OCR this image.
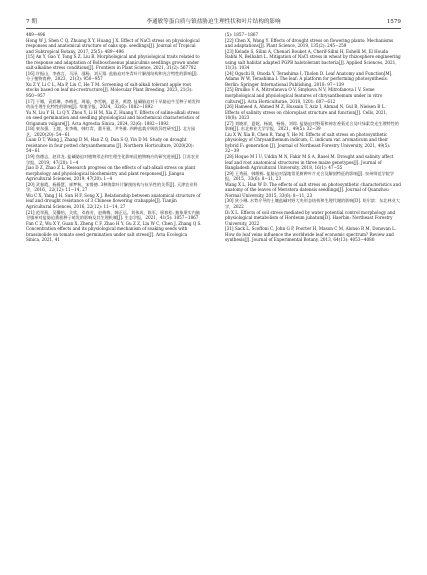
7 期	李通敏等蛋白质与镇盐胁迫生理性状和叶片结构的影响	1579

489−496

Hong W J, Shen C Q, Zhuang X Y, Huang J X. Effect of NaCl stress on physiological responses and anatomical structure of oaks spp. seedlings[J]. Journal of Tropical and Subtropical Botany, 2017, 25(5): 489−496

[15] An Y, Gao Y, Tong S Z, Liu B. Morphological and physiological traits related to the response and adaptation of Bolboschoenus planiculmis seedlings grown under salt-alkaline stress conditions[J]. Frontiers in Plant Science, 2021, 31(2): 567782

[16] 许振山，李春言，马泽，邵杨，刘天翔. 盐胁迫对冬青叶片解剖结构和光合特性的影响[J]. 分子植物育种，2023，21(3): 950−957

Xu Z Y, Li C L, Ma P, Liu C, He T M. Screening of salt-alkali tolerant apple root stocks based on leaf mi-crostructure[J]. Molecular Plant Breeding, 2023, 21(3): 950−957

[17] 于娜，袁彩琳，李梅花，周瑜，李雪帆，夏亚，黄澄. 盐碱胁迫对干旱胁迫牛至种子萌发和幼苗生理生化特性的影响[J]. 草地学报，2024，32(6): 1882−1892

Yu N, Liu Y H, Li Q Y, Zhou Y, Li H M, Xia Z, Huang Y. Effects of saline-alkali stress on seed germination and seedling physiological and biochemical characteristics of Origanum vulgare[J]. Acta Agrestia Sinica, 2024, 32(6): 1882−1892

[18] 東东强，王越，张李梅，韩红青，董开雅，尹冬雅. 四种盐栽介吸收异性研究[J]. 北方园艺，2020(20): 54−61

Luan D T, Wang J, Zhang D M, Han Z Q, Dan S Q, Yin D M. Study on drought resistance in four potted chrysanthemums [J]. Northern Horticulture, 2020(20): 54−61

[19] 焦德志，赵祥龙. 盐碱胁迫对植物形态和生理生化影响及植物响应的研究进展[J]. 江苏农业学报，2019，47(20): 1−4

Jiao D Z, Zhao Z L. Research progress on the effects of salt-alkali stress on plant morphology and physiological biochemistry and plant responses[J]. Jiangsu Agricultural Sciences, 2019, 47(20): 1−4

[20] 武春霞，杨静慧，崔梦秋，宋鲁德. 3种海棠叶片解剖结构与抗旱性的关系[J]. 天津农业科学，2016，22(12): 11−14, 27

Wu C X, Yang J H, Sun H F, Song X J. Relationship between anatomical structure of leaf and drought resistance of 3 Chinese flowering crabapple[J]. Tianjin Agricultural Sciences, 2016, 22(12): 11−14, 27

[21] 范翠燕，吴馨怡，关欣，邓春芳，赵梅梅，韩正运，刘伟成，陈军，邢春松. 抽象果实内脑谷镇单对盐胁迫番茄种子萌发的影响及其生理机制[J]. 生态学报，2021，41(5): 1857−1867

Fan C Z, Wu X Y, Guan X, Zheng C F, Zhao H Y, Gu Z Z, Liu W C, Chen J, Zhang Q S. Concentration effects and its physiological mechanism of soaking seeds with brassinolide on tomato seed germination under salt stress[J]. Acta Ecologica Sinica, 2021, 41

(5): 1857−1867

[22] Chen X, Wang Y. Effects of drought stress on flowering plants: Mechanisms and adaptations[J]. Plant Science, 2019, 135(2): 245−259

[23] Kelade S, Silini A, Chenari Bouket A, Cherif-Silini H, Eshelli M, El Houda Rabhi N, Belbahri L. Mitigation of NaCl stress in wheat by rhizosphere engineering using salt habitat adapted PGPB halotolerant bacteria[J]. Applied Sciences, 2021, 11(3): 1034

[24] Oguchi R, Onoda Y, Terashima I, Tholen D. Leaf Anatomy and Function[M]. Adams W W, Terashima I. The leaf: A platform for performing photosynthesis. Berlin: Springer International Publishing, 2018: 97−139

[25] Bruilko V A, Mitrofanova O V, Smykova N V, Mitrofanova I V. Some morphological and physiological features of chrysanthemum under in vitro culture[J]. Acta Horticulturae, 2018, 1201: 607−612

[26] Hameed A, Ahmed M Z, Hussain T, Aziz I, Ahmad N, Gul B, Nielsen B L. Effects of salinity stress on chloroplast structure and function[J]. Cells, 2021, 10(8): 2023

[27] 刘晓祥，夏妮，杨斌，杨扬，刘琼. 盐胁迫对野菊和神农香菊光合及叶绿素荧光生理特性的影响[J]. 东北林业大学学报，2021，49(5): 32−39

Liu X W, Xia B, Chen R, Yang Y, He M. Effects of salt stress on photosynthetic physiology of Chrysanthemum indicum, C. indicum var. aromaticum and their hybrid F₁ generation [J]. Journal of Northeast Forestry University, 2021, 49(5): 32−39

[28] Hoque M I U, Uddin M N, Fakir M S A, Rasel M. Drought and salinity affect leaf and root anatomical structures in three maize genotypes[J]. Journal of Bangladesh Agricultural University, 2018, 16(1): 47−55

[29] 王秀丽，韩维栋. 盐胁迫对湿地常见树种叶片光合及解剖特征的影响[J]. 泉州师范学院学报，2015，33(6): 8−11, 23

Wang X L, Han W D. The effects of salt stress on photosynthetic characteristics and anatomy of the leaves of Meristera datensis seedlings[J]. Journal of Quanzhou Normal University, 2015, 33(6): 8−11, 23

[30] 狄小琳. 水势介导的土壤盐碱对野大麦形态结构和生理代谢的影响[D]. 哈尔滨：东北林业大学，2022

Di X L. Effects of soil stress mediated by water potential control morphology and physiological metabolism of Hordeum jubatum[D]. Haerbin: Northeast Forestry University, 2022

[31] Sack L, Scoffoni C, John G P, Poorter H, Mason C M, Alonso R M, Donovan L. How do leaf veins influence the worldwide leaf economic spectrum? Review and synthesis[J]. Journal of Experimental Botany, 2013, 64(13): 4053−4080
